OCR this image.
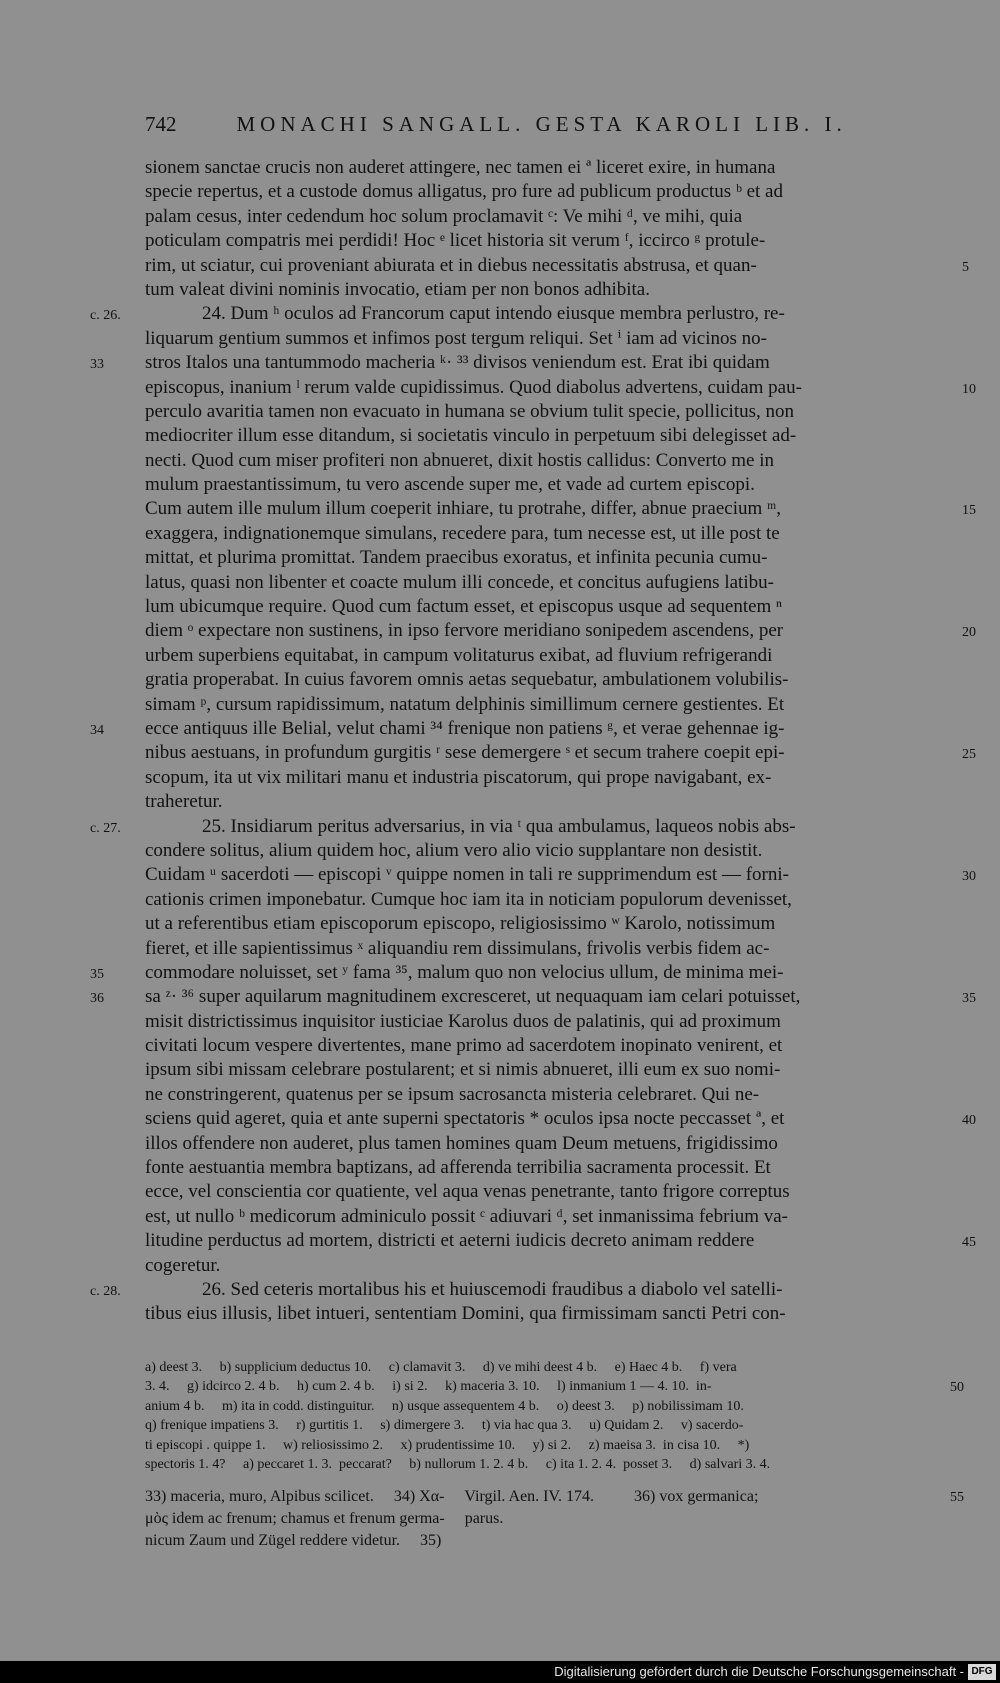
742	MONACHI SANGALL. GESTA KAROLI LIB. I.
sionem sanctae crucis non auderet attingere, nec tamen ei ª liceret exire, in humana
specie repertus, et a custode domus alligatus, pro fure ad publicum productus ᵇ et ad
palam cesus, inter cedendum hoc solum proclamavit ᶜ: Ve mihi ᵈ, ve mihi, quia
poticulam compatris mei perdidi! Hoc ᵉ licet historia sit verum ᶠ, iccirco ᵍ protule-
rim, ut sciatur, cui proveniant abiurata et in diebus necessitatis abstrusa, et quan-	5
tum valeat divini nominis invocatio, etiam per non bonos adhibita.
24. Dum ʰ oculos ad Francorum caput intendo eiusque membra perlustro, re-
c. 26.
liquarum gentium summos et infimos post tergum reliqui. Set ⁱ iam ad vicinos no-
stros Italos una tantummodo macheria ᵏ· ³³ divisos veniendum est. Erat ibi quidam
33
episcopus, inanium ˡ rerum valde cupidissimus. Quod diabolus advertens, cuidam pau-	10
perculo avaritia tamen non evacuato in humana se obvium tulit specie, pollicitus, non
mediocriter illum esse ditandum, si societatis vinculo in perpetuum sibi delegisset ad-
necti. Quod cum miser profiteri non abnueret, dixit hostis callidus: Converto me in
mulum praestantissimum, tu vero ascende super me, et vade ad curtem episcopi.
Cum autem ille mulum illum coeperit inhiare, tu protrahe, differ, abnue praecium ᵐ,	15
exaggera, indignationemque simulans, recedere para, tum necesse est, ut ille post te
mittat, et plurima promittat. Tandem praecibus exoratus, et infinita pecunia cumu-
latus, quasi non libenter et coacte mulum illi concede, et concitus aufugiens latibu-
lum ubicumque require. Quod cum factum esset, et episcopus usque ad sequentem ⁿ
diem ᵒ expectare non sustinens, in ipso fervore meridiano sonipedem ascendens, per	20
urbem superbiens equitabat, in campum volitaturus exibat, ad fluvium refrigerandi
gratia properabat. In cuius favorem omnis aetas sequebatur, ambulationem volubilis-
simam ᵖ, cursum rapidissimum, natatum delphinis simillimum cernere gestientes. Et
ecce antiquus ille Belial, velut chami ³⁴ frenique non patiens ᵍ, et verae gehennae ig-
34
nibus aestuans, in profundum gurgitis ʳ sese demergere ˢ et secum trahere coepit epi-	25
scopum, ita ut vix militari manu et industria piscatorum, qui prope navigabant, ex-
traheretur.
25. Insidiarum peritus adversarius, in via ᵗ qua ambulamus, laqueos nobis abs-
c. 27.
condere solitus, alium quidem hoc, alium vero alio vicio supplantare non desistit.
Cuidam ᵘ sacerdoti — episcopi ᵛ quippe nomen in tali re supprimendum est — forni-	30
cationis crimen imponebatur. Cumque hoc iam ita in noticiam populorum devenisset,
ut a referentibus etiam episcoporum episcopo, religiosissimo ʷ Karolo, notissimum
fieret, et ille sapientissimus ˣ aliquandiu rem dissimulans, frivolis verbis fidem ac-
commodare noluisset, set ʸ fama ³⁵, malum quo non velocius ullum, de minima mei-
35
sa ᶻ· ³⁶ super aquilarum magnitudinem excresceret, ut nequaquam iam celari potuisset,	35
36
misit districtissimus inquisitor iusticiae Karolus duos de palatinis, qui ad proximum
civitati locum vespere divertentes, mane primo ad sacerdotem inopinato venirent, et
ipsum sibi missam celebrare postularent; et si nimis abnueret, illi eum ex suo nomi-
ne constringerent, quatenus per se ipsum sacrosancta misteria celebraret. Qui ne-
sciens quid ageret, quia et ante superni spectatoris * oculos ipsa nocte peccasset ª, et	40
illos offendere non auderet, plus tamen homines quam Deum metuens, frigidissimo
fonte aestuantia membra baptizans, ad afferenda terribilia sacramenta processit. Et
ecce, vel conscientia cor quatiente, vel aqua venas penetrante, tanto frigore correptus
est, ut nullo ᵇ medicorum adminiculo possit ᶜ adiuvari ᵈ, set inmanissima febrium va-
litudine perductus ad mortem, districti et aeterni iudicis decreto animam reddere	45
cogeretur.
26. Sed ceteris mortalibus his et huiuscemodi fraudibus a diabolo vel satelli-
c. 28.
tibus eius illusis, libet intueri, sententiam Domini, qua firmissimam sancti Petri con-
a) deest 3.     b) supplicium deductus 10.     c) clamavit 3.     d) ve mihi deest 4 b.     e) Haec 4 b.     f) vera
3. 4.     g) idcirco 2. 4 b.     h) cum 2. 4 b.     i) si 2.     k) maceria 3. 10.     l) inmanium 1 — 4. 10.  in-	50
anium 4 b.     m) ita in codd. distinguitur.     n) usque assequentem 4 b.     o) deest 3.     p) nobilissimam 10.
q) frenique impatiens 3.     r) gurtitis 1.     s) dimergere 3.     t) via hac qua 3.     u) Quidam 2.     v) sacerdo-
ti episcopi . quippe 1.     w) reliosissimo 2.     x) prudentissime 10.     y) si 2.     z) maeisa 3.  in cisa 10.     *)
spectoris 1. 4?     a) peccaret 1. 3.  peccarat?     b) nullorum 1. 2. 4 b.     c) ita 1. 2. 4.  posset 3.     d) salvari 3. 4.
33) maceria, muro, Alpibus scilicet.     34) Χα-     Virgil. Aen. IV. 174.          36) vox germanica;	55
μὸς idem ac frenum; chamus et frenum germa-     parus.
nicum Zaum und Zügel reddere videtur.     35)
Digitalisierung gefördert durch die Deutsche Forschungsgemeinschaft - DFG
